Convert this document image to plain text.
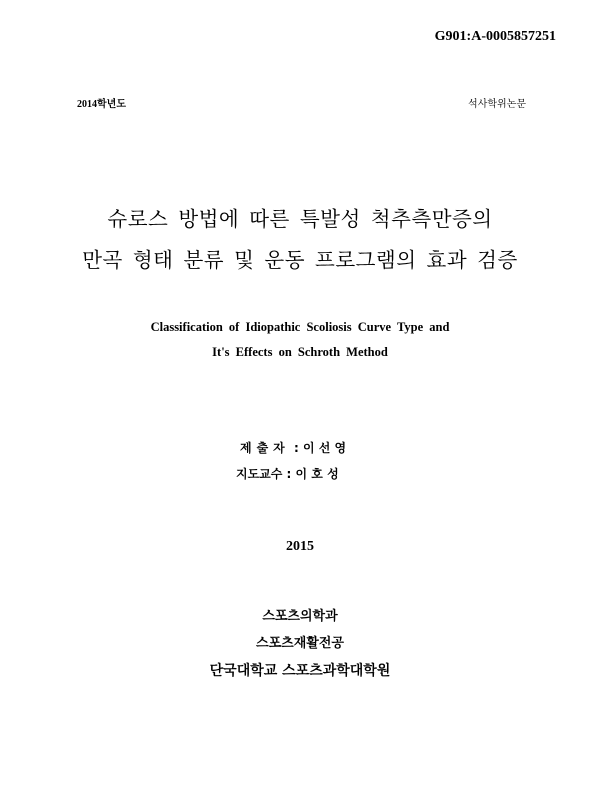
G901:A-0005857251
2014학년도	석사학위논문
슈로스 방법에 따른 특발성 척추측만증의
만곡 형태 분류 및 운동 프로그램의 효과 검증
Classification of Idiopathic Scoliosis Curve Type and
It's Effects on Schroth Method
제출자 : 이 선 영
지도교수 : 이 호 성
2015
스포츠의학과
스포츠재활전공
단국대학교 스포츠과학대학원
